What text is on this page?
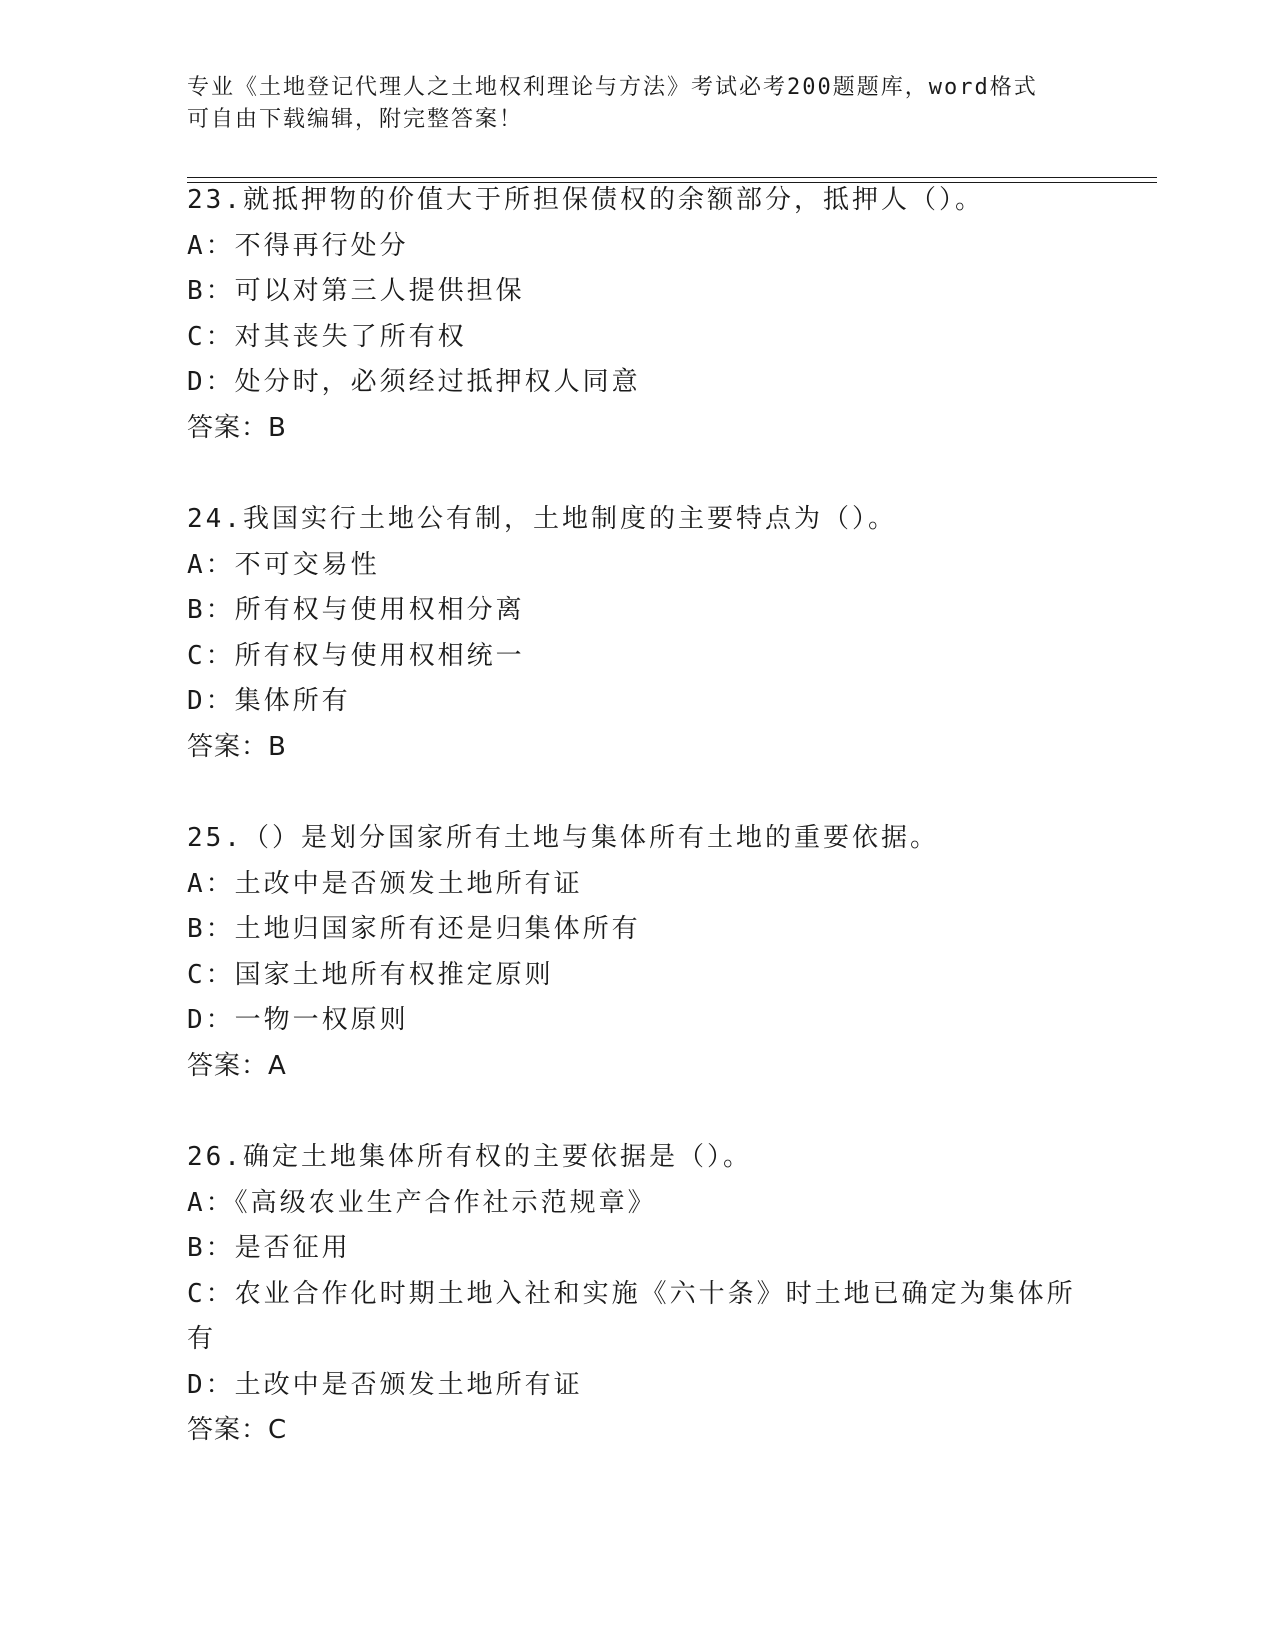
专业《土地登记代理人之土地权利理论与方法》考试必考200题题库，word格式
可自由下载编辑，附完整答案！
23.就抵押物的价值大于所担保债权的余额部分，抵押人（）。
A：不得再行处分
B：可以对第三人提供担保
C：对其丧失了所有权
D：处分时，必须经过抵押权人同意
答案：B
24.我国实行土地公有制，土地制度的主要特点为（）。
A：不可交易性
B：所有权与使用权相分离
C：所有权与使用权相统一
D：集体所有
答案：B
25.（）是划分国家所有土地与集体所有土地的重要依据。
A：土改中是否颁发土地所有证
B：土地归国家所有还是归集体所有
C：国家土地所有权推定原则
D：一物一权原则
答案：A
26.确定土地集体所有权的主要依据是（）。
A：《高级农业生产合作社示范规章》
B：是否征用
C：农业合作化时期土地入社和实施《六十条》时土地已确定为集体所
有
D：土改中是否颁发土地所有证
答案：C
